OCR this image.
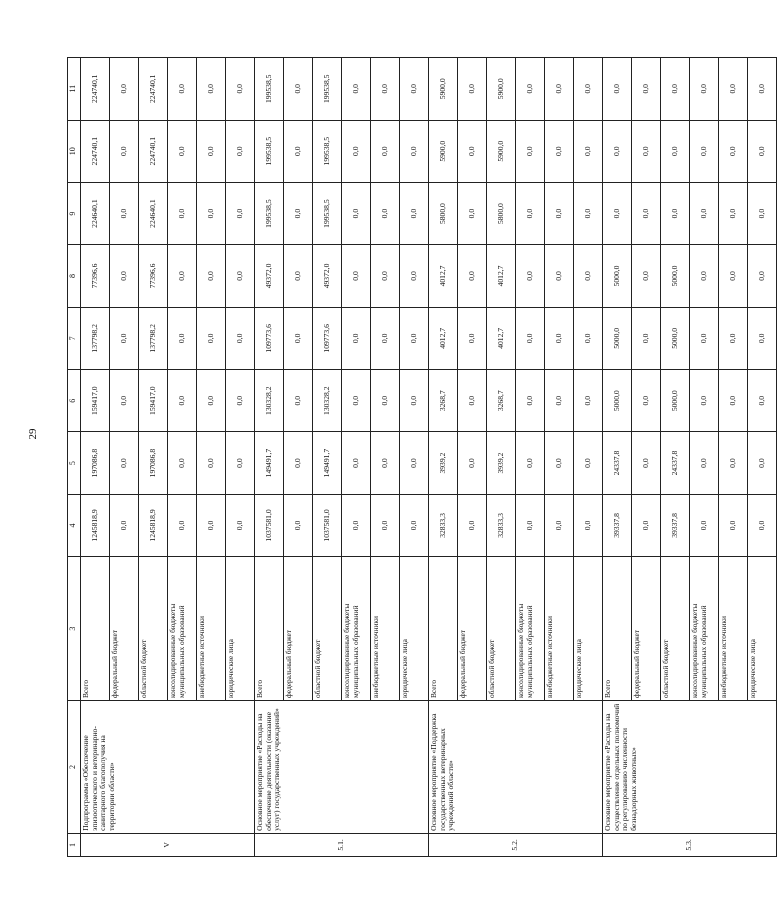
29
1	2	3	4	5	6	7	8	9	10	11
V	Подпрограмма «Обеспечение эпизоотического и ветеринарно-санитарного благополучия на территории области»	Всего	1245818,9	197086,8	159417,0	137798,2	77396,6	224640,1	224740,1	224740,1
		федеральный бюджет	0,0	0,0	0,0	0,0	0,0	0,0	0,0	0,0
		областной бюджет	1245818,9	197086,8	159417,0	137798,2	77396,6	224640,1	224740,1	224740,1
		консолидированные бюджеты муниципальных образований	0,0	0,0	0,0	0,0	0,0	0,0	0,0	0,0
		внебюджетные источники	0,0	0,0	0,0	0,0	0,0	0,0	0,0	0,0
		юридические лица	0,0	0,0	0,0	0,0	0,0	0,0	0,0	0,0
5.1.	Основное мероприятие «Расходы на обеспечение деятельности (оказание услуг) государственных учреждений»	Всего	1037581,0	149491,7	130328,2	109773,6	49372,0	199538,5	199538,5	199538,5
		федеральный бюджет	0,0	0,0	0,0	0,0	0,0	0,0	0,0	0,0
		областной бюджет	1037581,0	149491,7	130328,2	109773,6	49372,0	199538,5	199538,5	199538,5
		консолидированные бюджеты муниципальных образований	0,0	0,0	0,0	0,0	0,0	0,0	0,0	0,0
		внебюджетные источники	0,0	0,0	0,0	0,0	0,0	0,0	0,0	0,0
		юридические лица	0,0	0,0	0,0	0,0	0,0	0,0	0,0	0,0
5.2.	Основное мероприятие «Поддержка государственных ветеринарных учреждений области»	Всего	32833,3	3939,2	3268,7	4012,7	4012,7	5800,0	5900,0	5900,0
		федеральный бюджет	0,0	0,0	0,0	0,0	0,0	0,0	0,0	0,0
		областной бюджет	32833,3	3939,2	3268,7	4012,7	4012,7	5800,0	5900,0	5900,0
		консолидированные бюджеты муниципальных образований	0,0	0,0	0,0	0,0	0,0	0,0	0,0	0,0
		внебюджетные источники	0,0	0,0	0,0	0,0	0,0	0,0	0,0	0,0
		юридические лица	0,0	0,0	0,0	0,0	0,0	0,0	0,0	0,0
5.3.	Основное мероприятие «Расходы на осуществление отдельных полномочий по регулированию численности безнадзорных животных»	Всего	39337,8	24337,8	5000,0	5000,0	5000,0	0,0	0,0	0,0
		федеральный бюджет	0,0	0,0	0,0	0,0	0,0	0,0	0,0	0,0
		областной бюджет	39337,8	24337,8	5000,0	5000,0	5000,0	0,0	0,0	0,0
		консолидированные бюджеты муниципальных образований	0,0	0,0	0,0	0,0	0,0	0,0	0,0	0,0
		внебюджетные источники	0,0	0,0	0,0	0,0	0,0	0,0	0,0	0,0
		юридические лица	0,0	0,0	0,0	0,0	0,0	0,0	0,0	0,0
